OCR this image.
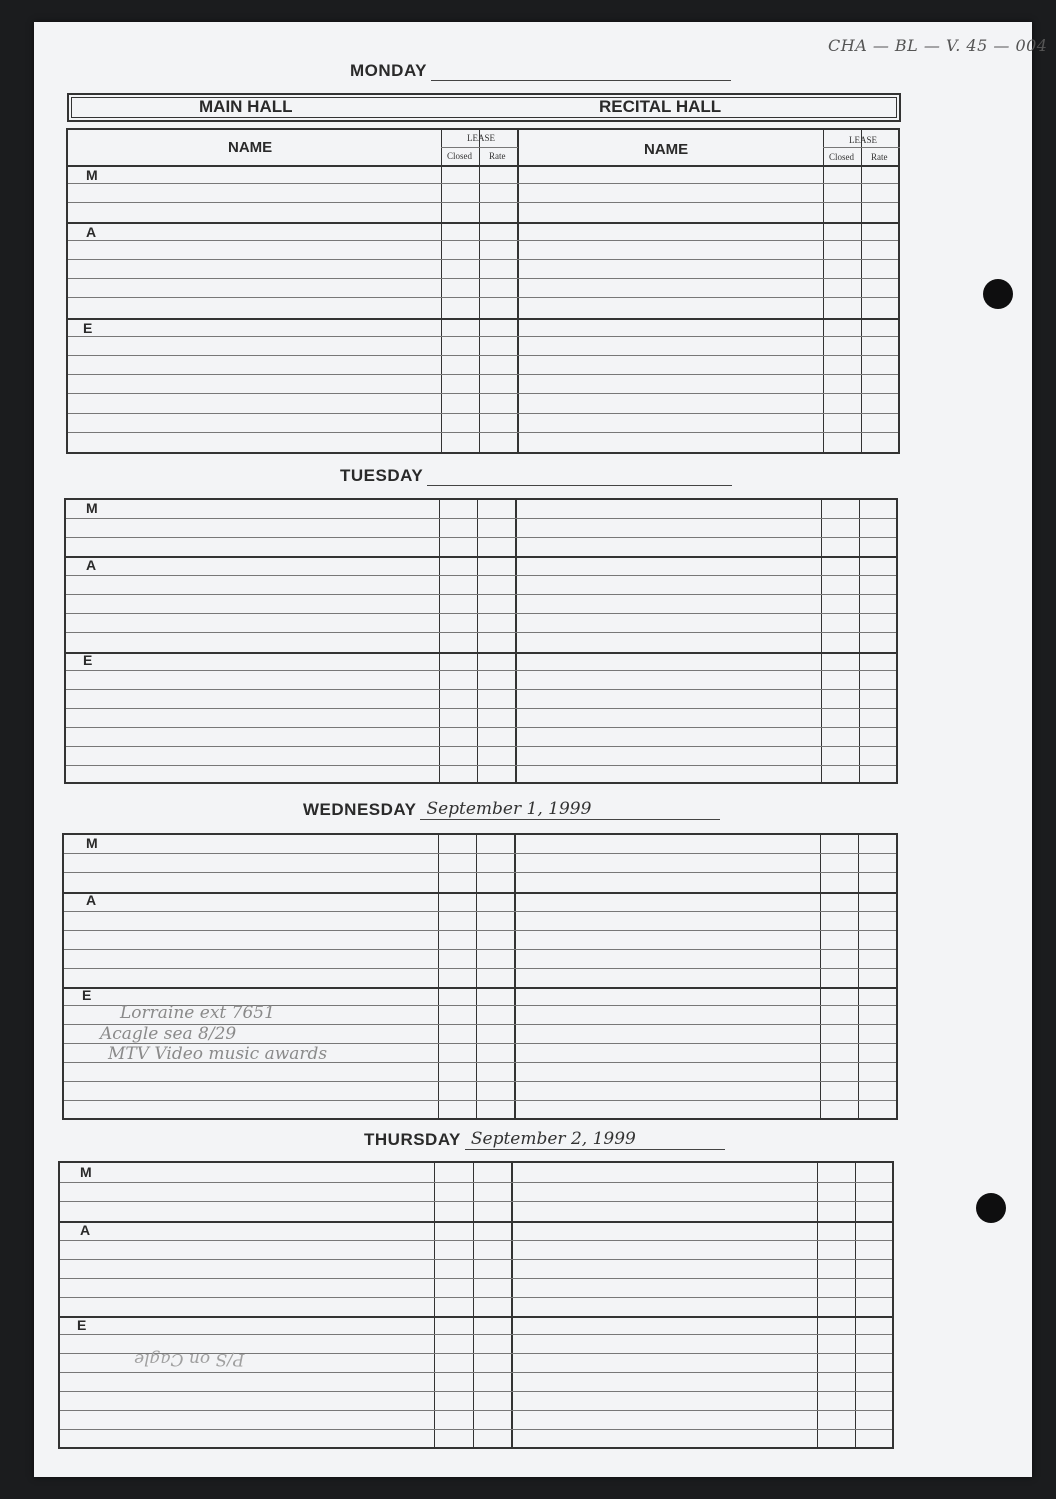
CHA — BL — V. 45 — 004
MONDAY
MAIN HALL	RECITAL HALL
NAME	NAME
LEASE
Closed Rate
LEASE
Closed Rate
M
A
E
TUESDAY
M
A
E
WEDNESDAY September 1, 1999
M
A
E
Lorraine ext 7651
Acagle sea 8/29
MTV Video music awards
THURSDAY September 2, 1999
M
A
E
P/S on Cagle
